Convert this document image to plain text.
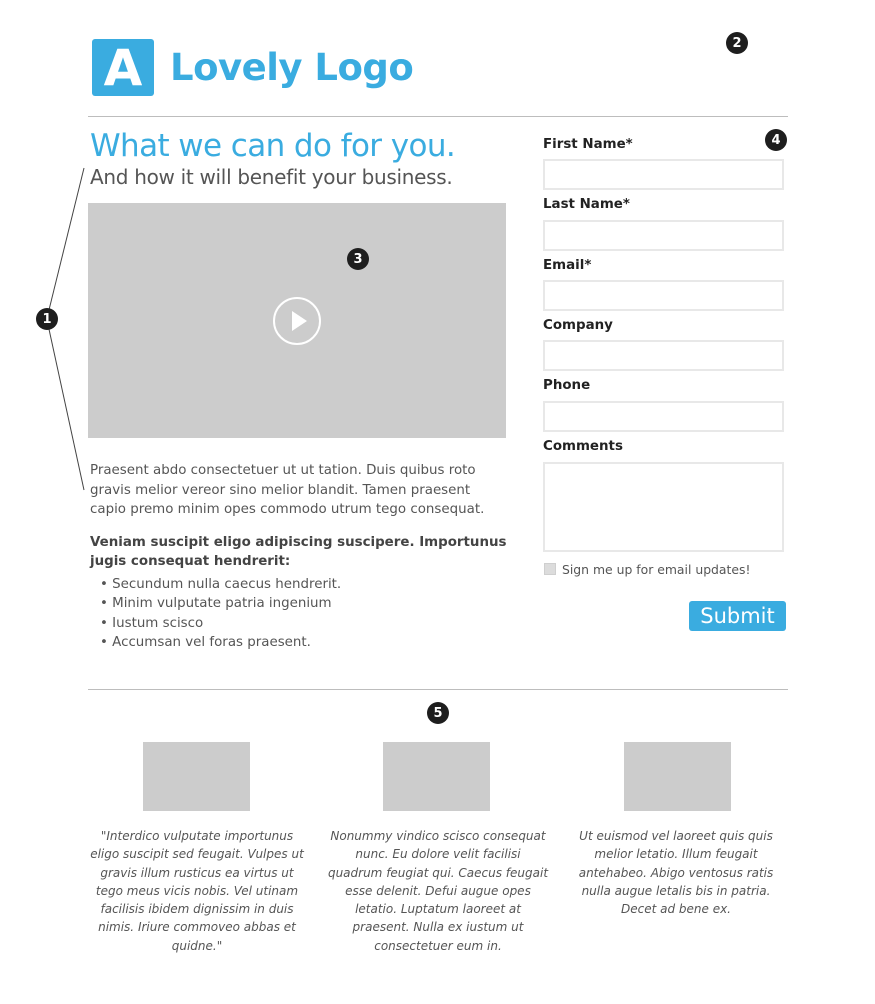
A Lovely Logo
2
1
What we can do for you.
And how it will benefit your business.
3
Praesent abdo consectetuer ut ut tation. Duis quibus roto gravis melior vereor sino melior blandit. Tamen praesent capio premo minim opes commodo utrum tego consequat.
Veniam suscipit eligo adipiscing suscipere. Importunus jugis consequat hendrerit:
• Secundum nulla caecus hendrerit.
• Minim vulputate patria ingenium
• Iustum scisco
• Accumsan vel foras praesent.
4
First Name*
Last Name*
Email*
Company
Phone
Comments
Sign me up for email updates!
Submit
5
"Interdico vulputate importunus eligo suscipit sed feugait. Vulpes ut gravis illum rusticus ea virtus ut tego meus vicis nobis. Vel utinam facilisis ibidem dignissim in duis nimis. Iriure commoveo abbas et quidne."
Nonummy vindico scisco consequat nunc. Eu dolore velit facilisi quadrum feugiat qui. Caecus feugait esse delenit. Defui augue opes letatio. Luptatum laoreet at praesent. Nulla ex iustum ut consectetuer eum in.
Ut euismod vel laoreet quis quis melior letatio. Illum feugait antehabeo. Abigo ventosus ratis nulla augue letalis bis in patria. Decet ad bene ex.
